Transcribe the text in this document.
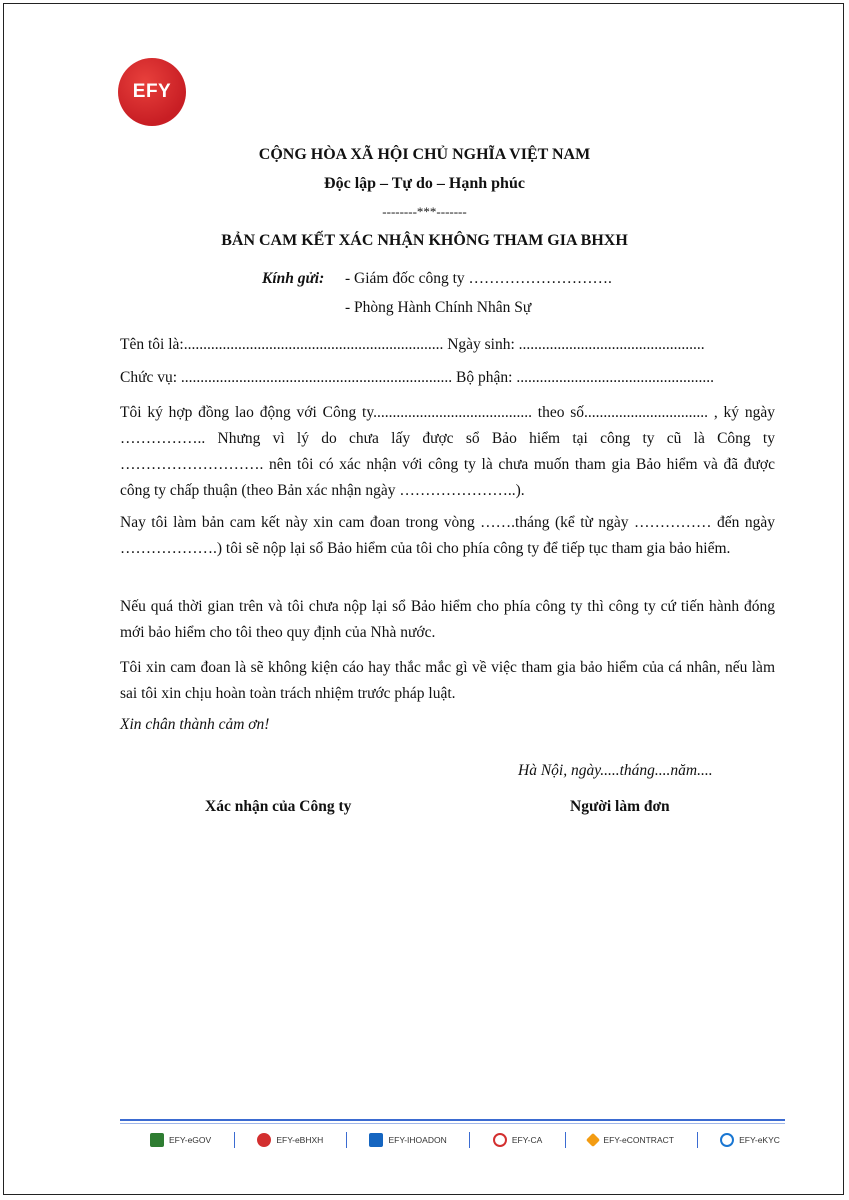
EFY
CỘNG HÒA XÃ HỘI CHỦ NGHĨA VIỆT NAM
Độc lập – Tự do – Hạnh phúc
--------***-------
BẢN CAM KẾT XÁC NHẬN KHÔNG THAM GIA BHXH
Kính gửi: - Giám đốc công ty ……………………….
- Phòng Hành Chính Nhân Sự
Tên tôi là:................................................................... Ngày sinh: ................................................
Chức vụ: ...................................................................... Bộ phận: ...................................................

Tôi ký hợp đồng lao động với Công ty......................................... theo số................................ , ký ngày …………….. Nhưng vì lý do chưa lấy được sổ Bảo hiểm tại công ty cũ là Công ty ………………………. nên tôi có xác nhận với công ty là chưa muốn tham gia Bảo hiểm và đã được công ty chấp thuận (theo Bản xác nhận ngày …………………..).

Nay tôi làm bản cam kết này xin cam đoan trong vòng …….tháng (kể từ ngày …………… đến ngày ……………….) tôi sẽ nộp lại sổ Bảo hiểm của tôi cho phía công ty để tiếp tục tham gia bảo hiểm.

Nếu quá thời gian trên và tôi chưa nộp lại sổ Bảo hiểm cho phía công ty thì công ty cứ tiến hành đóng mới bảo hiểm cho tôi theo quy định của Nhà nước.

Tôi xin cam đoan là sẽ không kiện cáo hay thắc mắc gì về việc tham gia bảo hiểm của cá nhân, nếu làm sai tôi xin chịu hoàn toàn trách nhiệm trước pháp luật.

Xin chân thành cảm ơn!
Hà Nội, ngày.....tháng....năm....
Xác nhận của Công ty	Người làm đơn
EFY-eGOV	EFY-eBHXH	EFY-IHOADON	EFY-CA	EFY-eCONTRACT	EFY-eKYC
